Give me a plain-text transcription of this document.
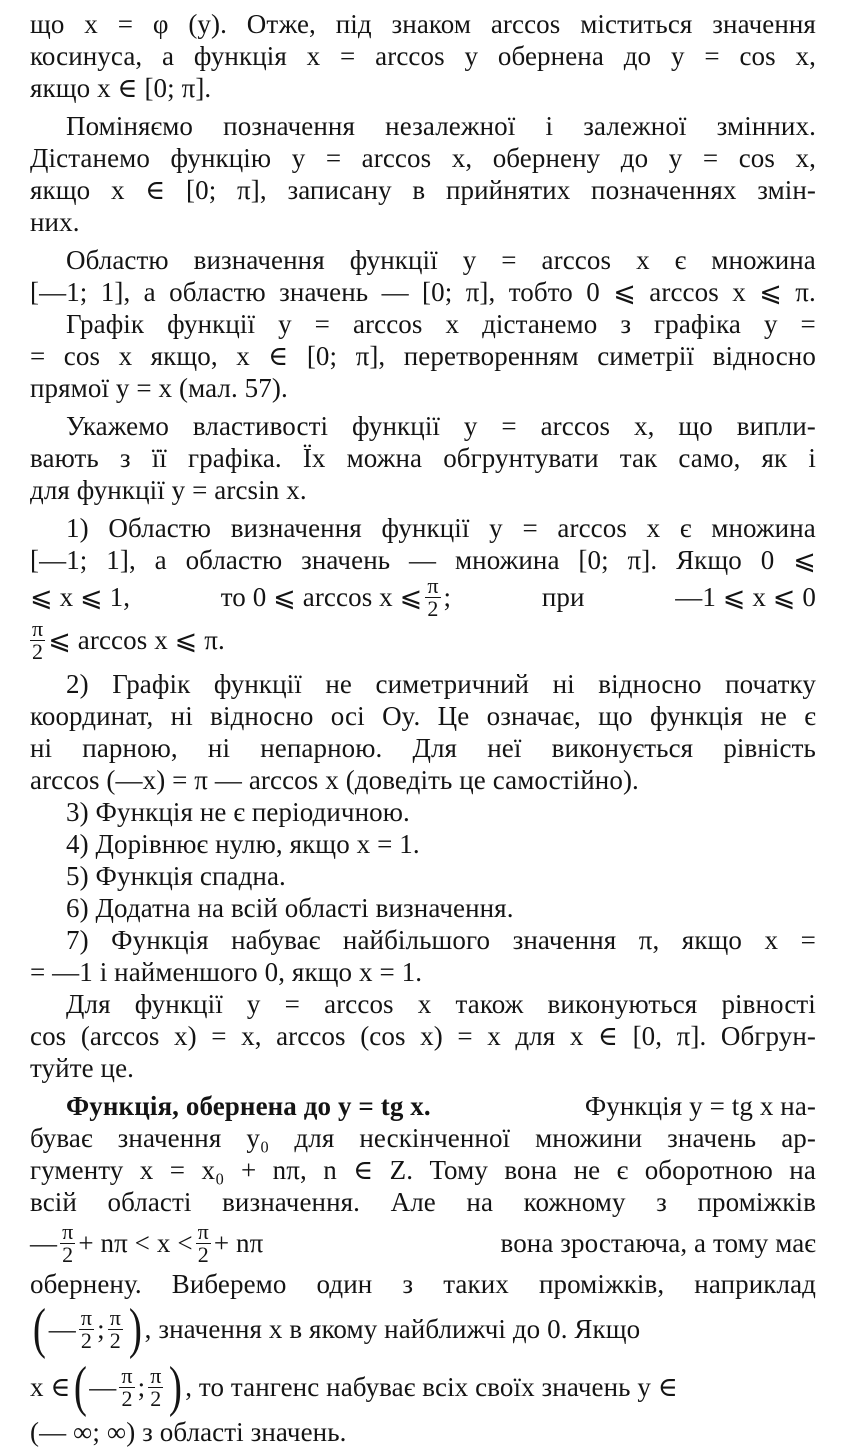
що x = φ (y). Отже, під знаком arccos міститься значення
косинуса, а функція x = arccos y обернена до y = cos x,
якщо x ∈ [0; π].
Поміняємо позначення незалежної і залежної змінних.
Дістанемо функцію y = arccos x, обернену до y = cos x,
якщо x ∈ [0; π], записану в прийнятих позначеннях змін-
них.
Областю визначення функції y = arccos x є множина
[—1; 1], а областю значень — [0; π], тобто 0 ⩽ arccos x ⩽ π.
Графік функції y = arccos x дістанемо з графіка y =
= cos x якщо, x ∈ [0; π], перетворенням симетрії відносно
прямої y = x (мал. 57).
Укажемо властивості функції y = arccos x, що випли-
вають з її графіка. Їх можна обгрунтувати так само, як і
для функції y = arcsin x.
1) Областю визначення функції y = arccos x є множина
[—1; 1], а областю значень — множина [0; π]. Якщо 0 ⩽
⩽ x ⩽ 1,	то 0 ⩽ arccos x ⩽ $\frac{\pi}{2}$ ;	при	—1 ⩽ x ⩽ 0
$\frac{\pi}{2}$ ⩽ arccos x ⩽ π.
2) Графік функції не симетричний ні відносно початку
координат, ні відносно осі Oy. Це означає, що функція не є
ні парною, ні непарною. Для неї виконується рівність
arccos (—x) = π — arccos x (доведіть це самостійно).
3) Функція не є періодичною.
4) Дорівнює нулю, якщо x = 1.
5) Функція спадна.
6) Додатна на всій області визначення.
7) Функція набуває найбільшого значення π, якщо x =
= —1 і найменшого 0, якщо x = 1.
Для функції y = arccos x також виконуються рівності
cos (arccos x) = x, arccos (cos x) = x для x ∈ [0, π]. Обгрун-
туйте це.
Функція, обернена до y = tg x.	Функція y = tg x на-
буває значення y₀ для нескінченної множини значень ар-
гументу x = x₀ + nπ, n ∈ Z. Тому вона не є оборотною на
всій області визначення. Але на кожному з проміжків
— $\frac{\pi}{2} + n\pi < x < \frac{\pi}{2} + n\pi$	вона зростаюча, а тому має
обернену. Виберемо один з таких проміжків, наприклад
( — $\frac{\pi}{2}$ ; $\frac{\pi}{2}$ ) , значення x в якому найближчі до 0. Якщо
x ∈ ( — $\frac{\pi}{2}$ ; $\frac{\pi}{2}$ ) , то тангенс набуває всіх своїх значень y ∈
(— ∞; ∞) з області значень.
